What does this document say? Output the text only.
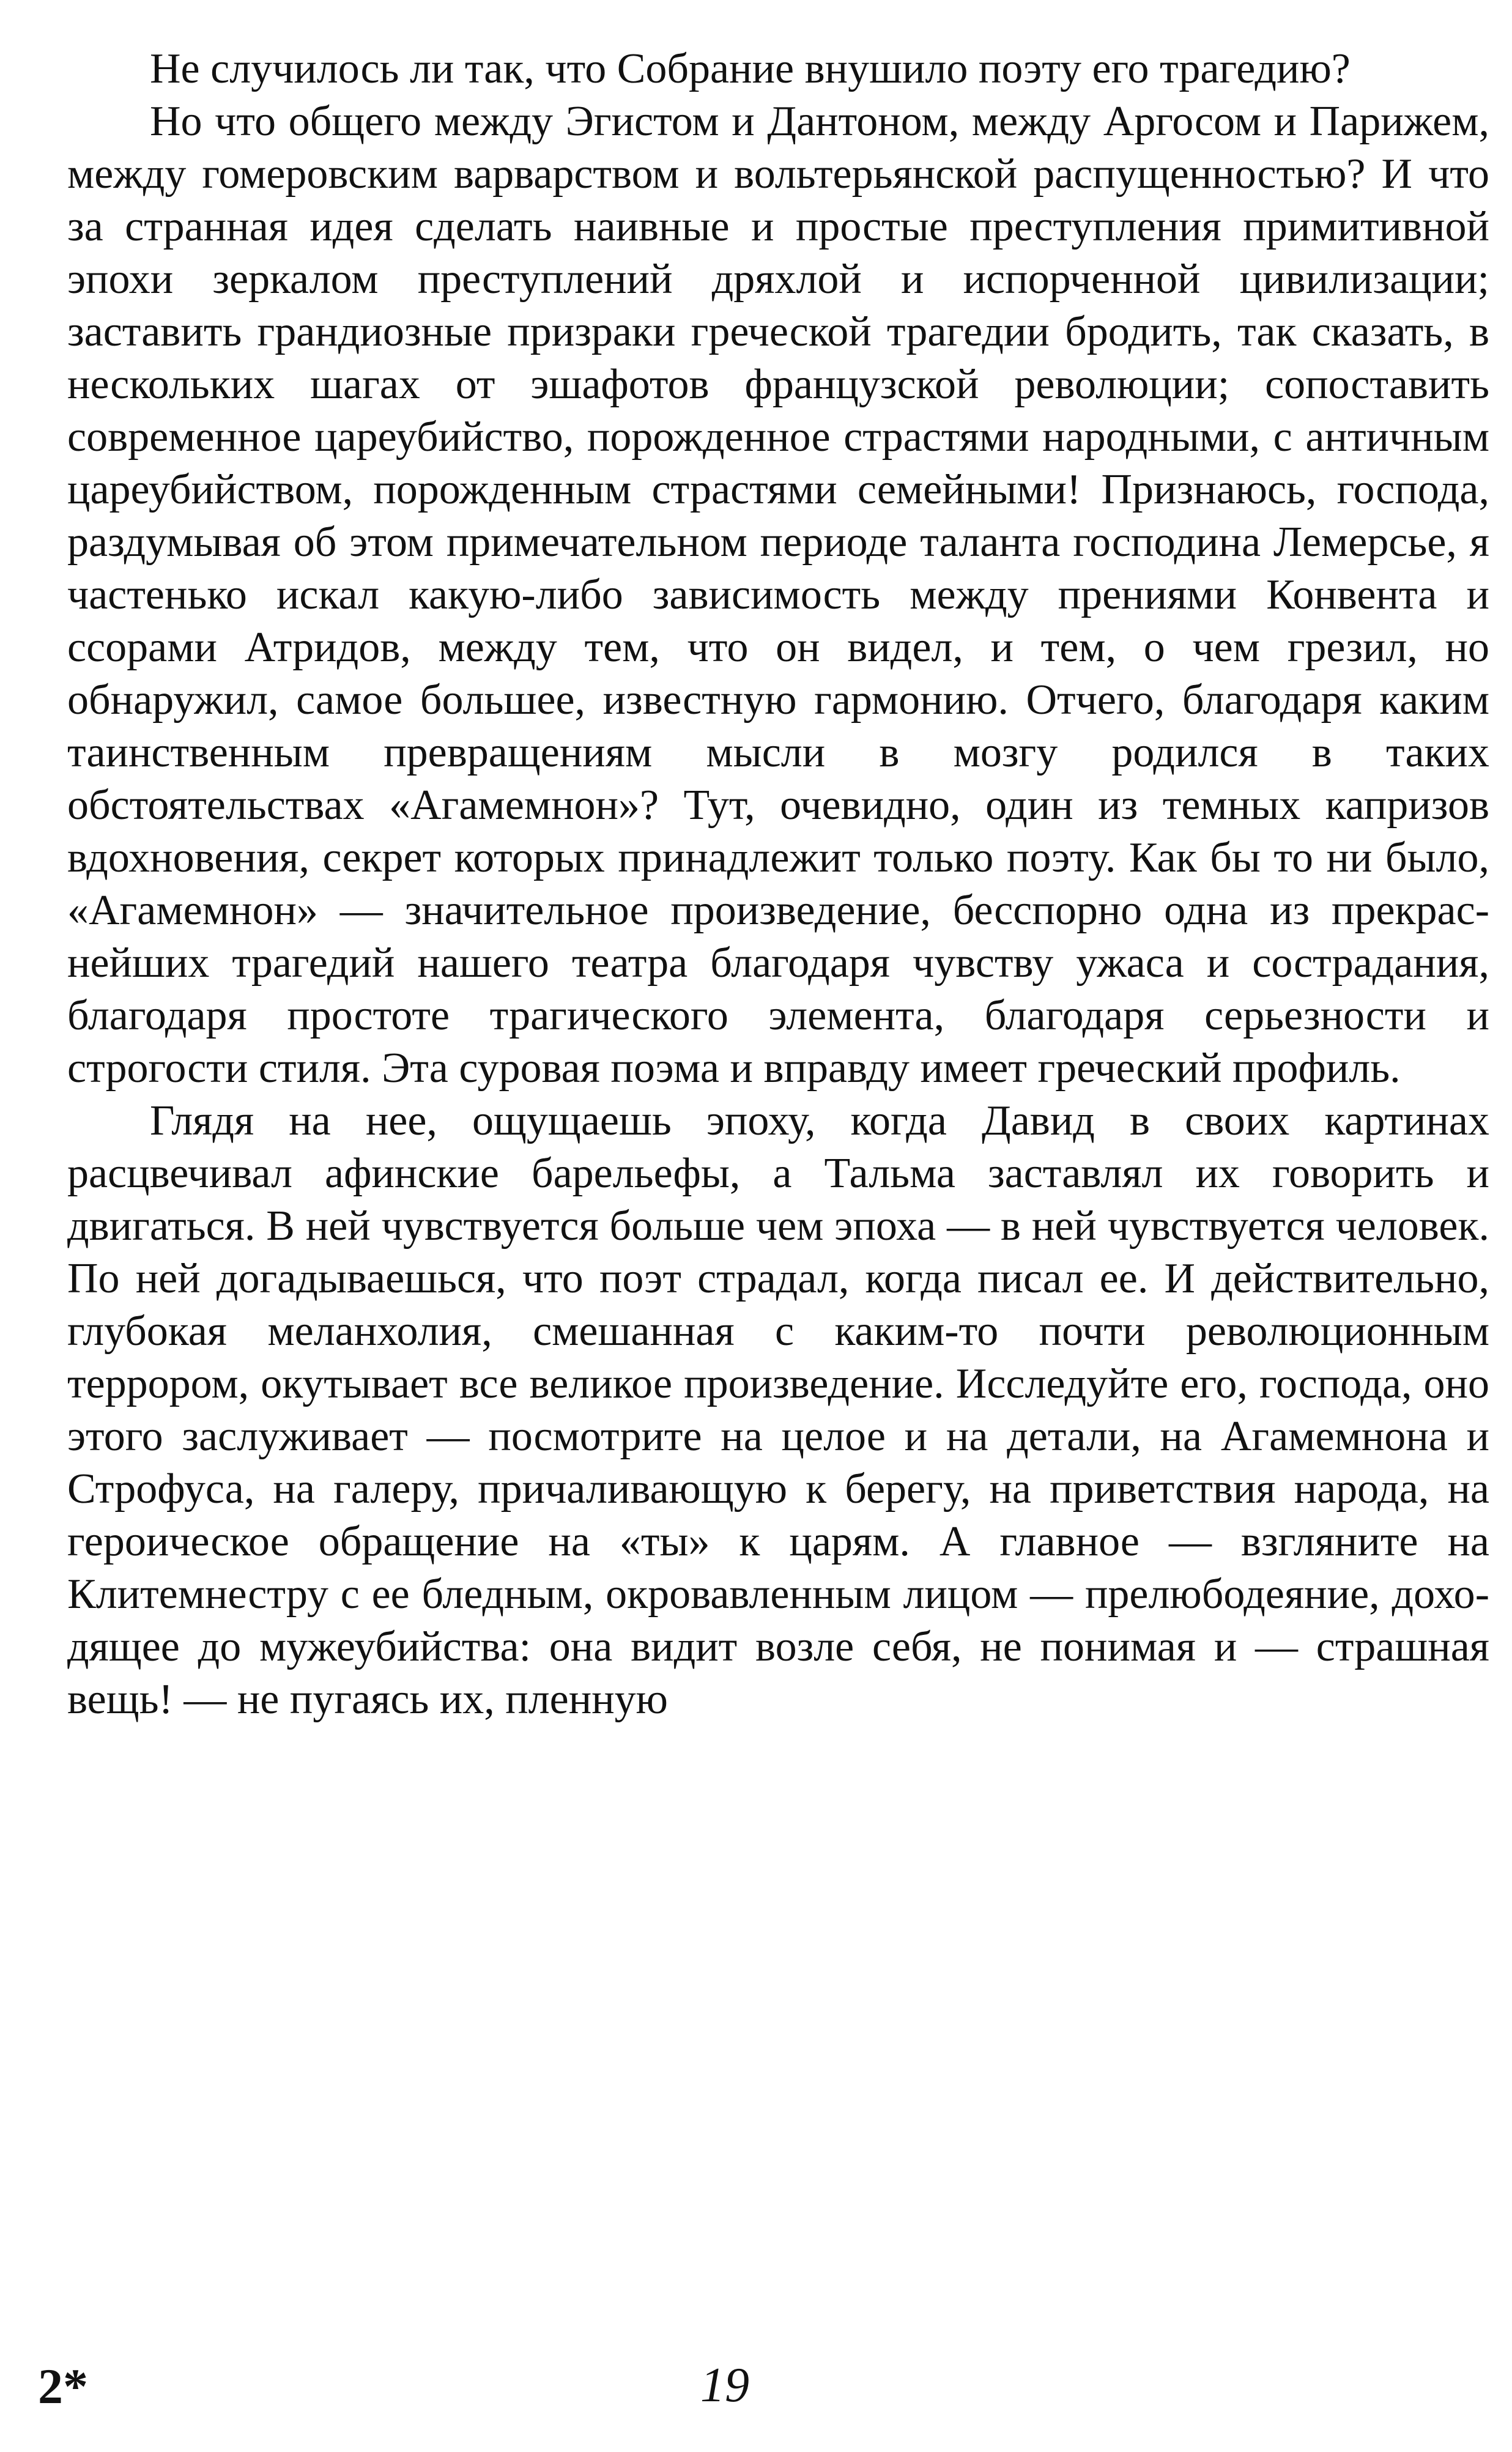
Не случилось ли так, что Собрание внушило поэту его трагедию?

Но что общего между Эгистом и Дантоном, между Аргосом и Парижем, между гомеровским варварством и вольтерьянской распущенностью? И что за странная идея сделать наивные и простые преступления примитивной эпохи зеркалом преступлений дряхлой и испорченной цивилизации; заставить грандиозные призраки греческой трагедии бродить, так сказать, в нескольких шагах от эшафотов французской революции; сопоставить современное цареубийство, порожденное страстями народными, с античным цареубийством, порожденным страстями семейными! Признаюсь, господа, раздумывая об этом примечательном периоде таланта господина Лемерсье, я частенько искал какую-либо зависимость между прениями Конвента и ссорами Атридов, между тем, что он видел, и тем, о чем грезил, но обнаружил, самое большее, известную гармонию. Отчего, благодаря каким таинственным превращениям мысли в мозгу родился в таких обстоятельствах «Агамемнон»? Тут, очевидно, один из темных капризов вдохновения, секрет которых принадлежит только поэту. Как бы то ни было, «Агамемнон» — значительное произведение, бесспорно одна из прекраснейших трагедий нашего театра благодаря чувству ужаса и сострадания, благодаря простоте трагического элемента, благодаря серьезности и строгости стиля. Эта суровая поэма и вправду имеет греческий профиль.

Глядя на нее, ощущаешь эпоху, когда Давид в своих картинах расцвечивал афинские барельефы, а Тальма заставлял их говорить и двигаться. В ней чувствуется больше чем эпоха — в ней чувствуется человек. По ней догадываешься, что поэт страдал, когда писал ее. И действительно, глубокая меланхолия, смешанная с каким-то почти революционным террором, окутывает все великое произведение. Исследуйте его, господа, оно этого заслуживает — посмотрите на целое и на детали, на Агамемнона и Строфуса, на галеру, причаливающую к берегу, на приветствия народа, на героическое обращение на «ты» к царям. А главное — взгляните на Клитемнестру с ее бледным, окровавленным лицом — прелюбодеяние, доходящее до мужеубийства: она видит возле себя, не понимая и — страшная вещь! — не пугаясь их, пленную

2*	19
